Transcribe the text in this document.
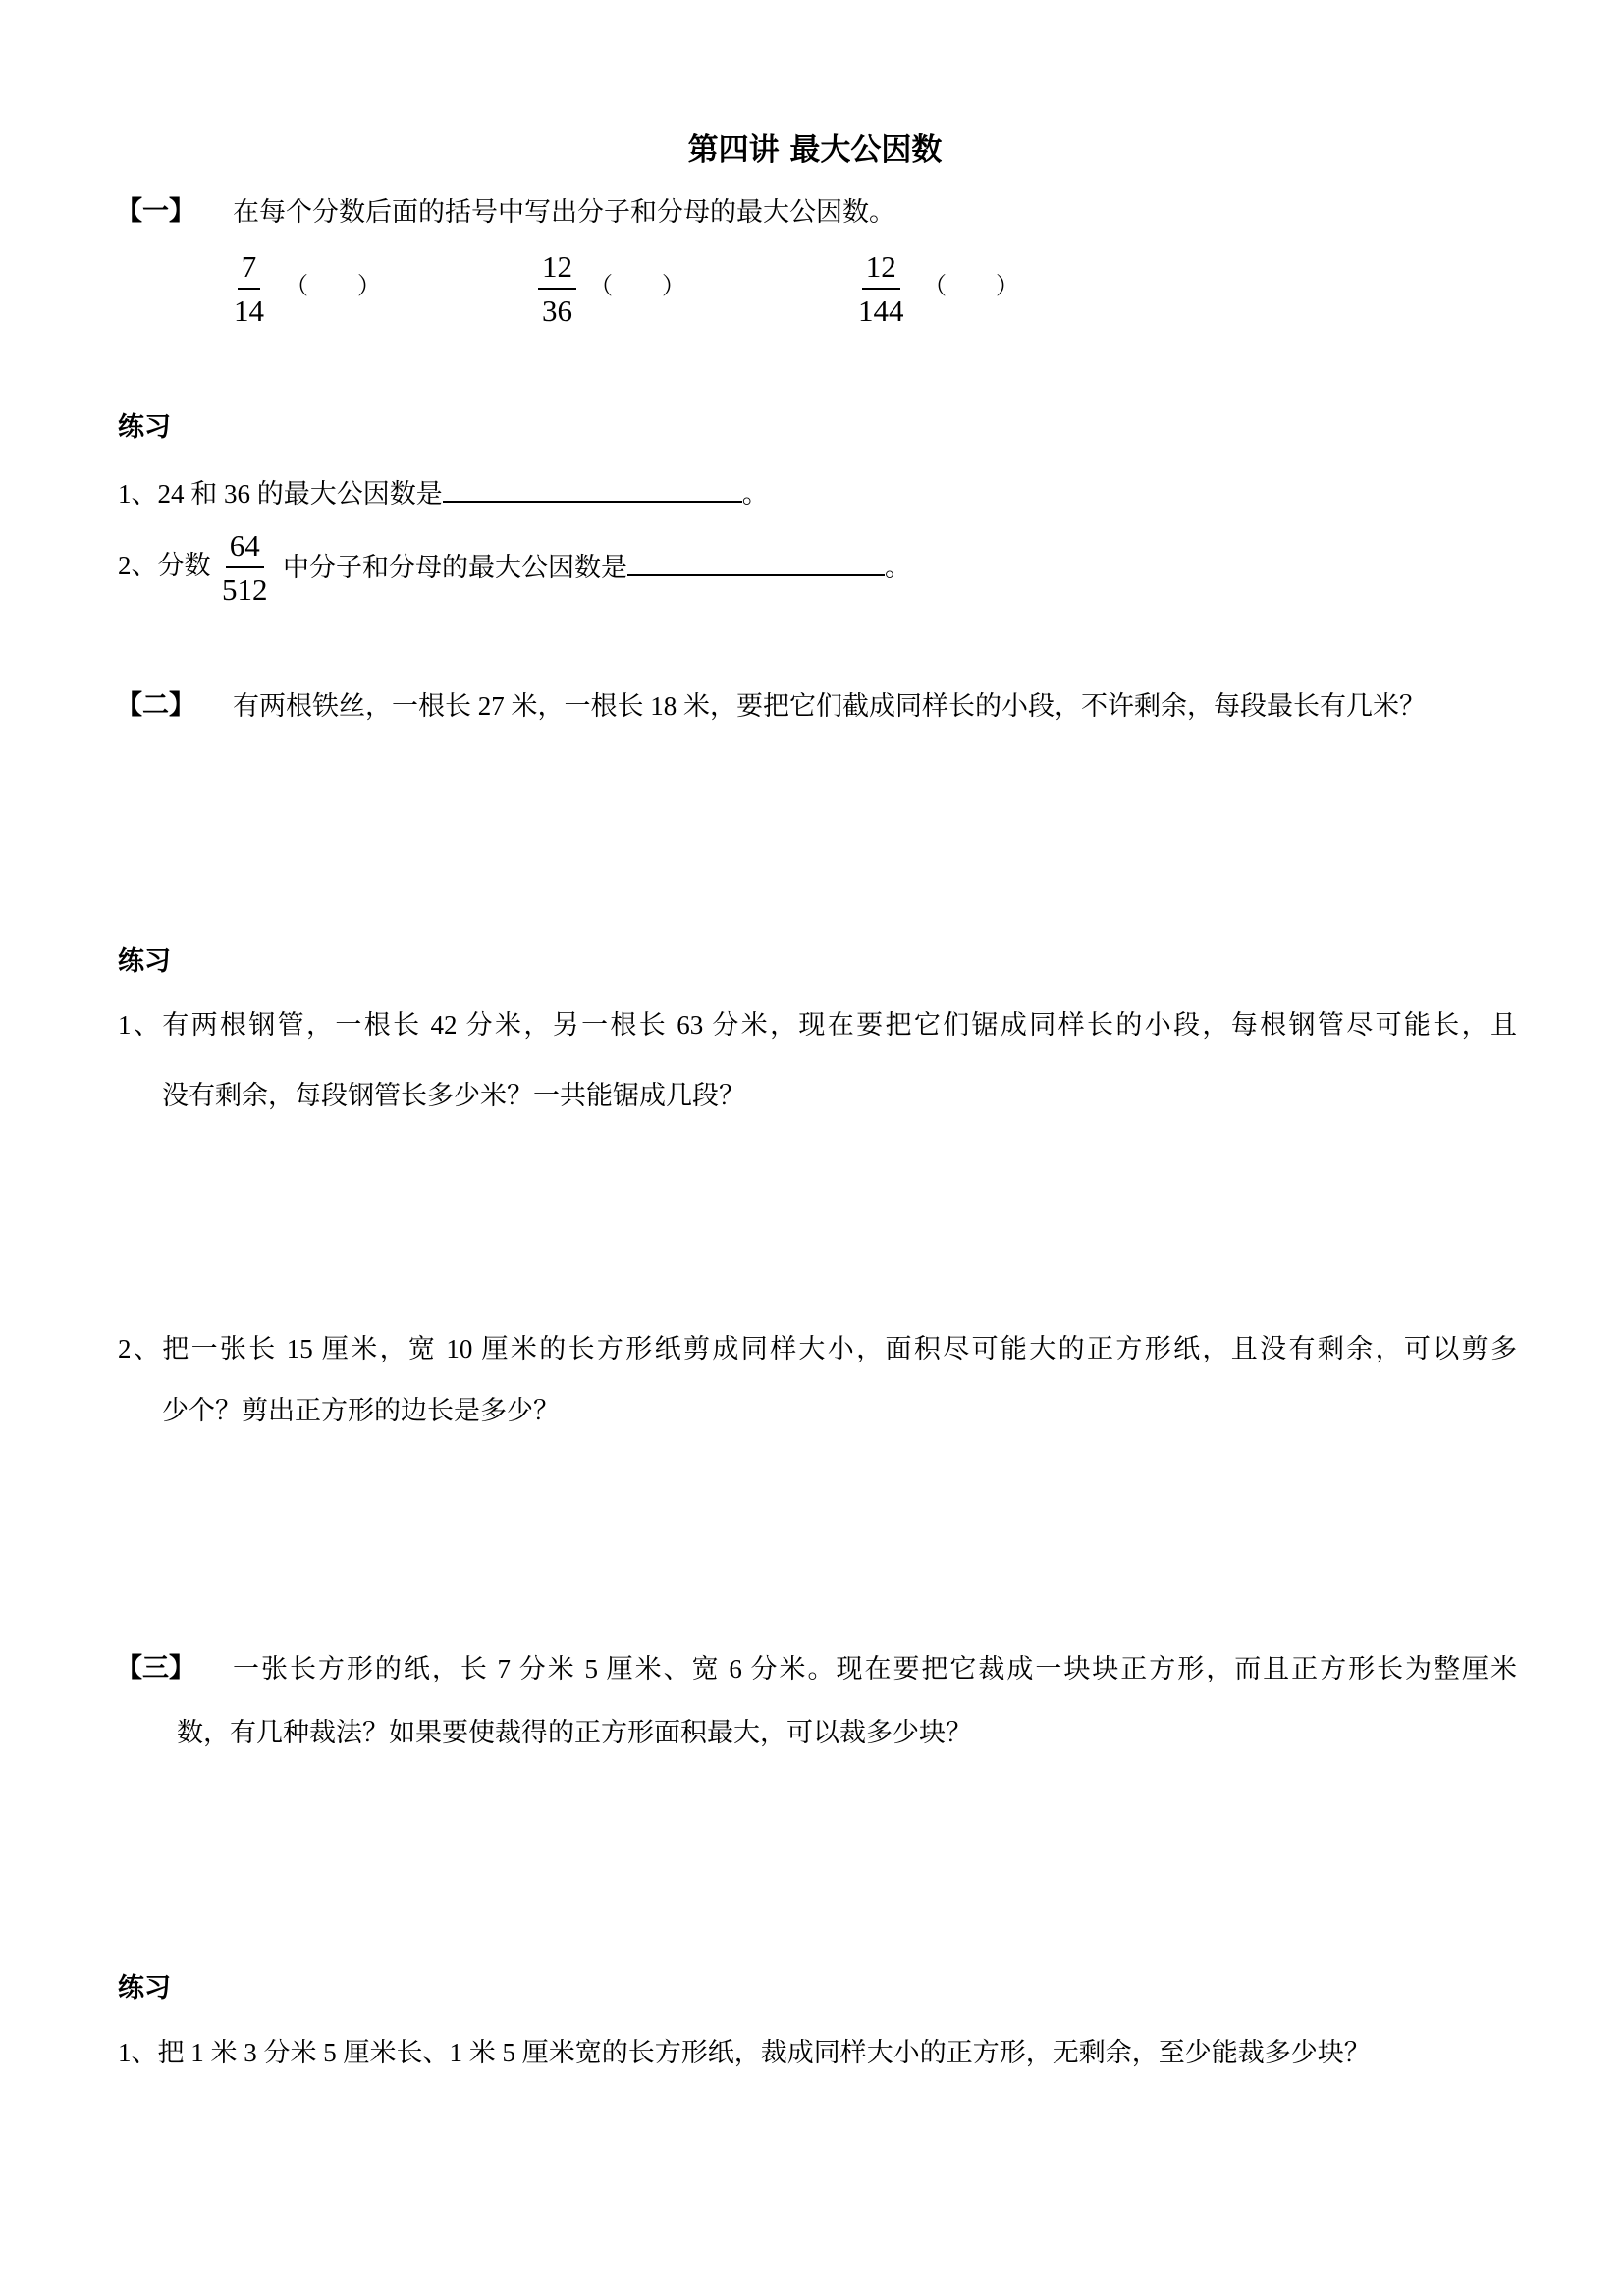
第四讲 最大公因数
【一】 在每个分数后面的括号中写出分子和分母的最大公因数。
$\frac{7}{14}$ （ ）	$\frac{12}{36}$ （ ）	$\frac{12}{144}$ （ ）
练习
1、24 和 36 的最大公因数是	。
2、分数 $\frac{64}{512}$ 中分子和分母的最大公因数是	。
【二】 有两根铁丝，一根长 27 米，一根长 18 米，要把它们截成同样长的小段，不许剩余，每段最长有几米？
练习
1、有两根钢管，一根长 42 分米，另一根长 63 分米，现在要把它们锯成同样长的小段，每根钢管尽可能长，且
没有剩余，每段钢管长多少米？一共能锯成几段？
2、把一张长 15 厘米，宽 10 厘米的长方形纸剪成同样大小，面积尽可能大的正方形纸，且没有剩余，可以剪多
少个？剪出正方形的边长是多少？
【三】 一张长方形的纸，长 7 分米 5 厘米、宽 6 分米。现在要把它裁成一块块正方形，而且正方形长为整厘米
数，有几种裁法？如果要使裁得的正方形面积最大，可以裁多少块？
练习
1、把 1 米 3 分米 5 厘米长、1 米 5 厘米宽的长方形纸，裁成同样大小的正方形，无剩余，至少能裁多少块？
